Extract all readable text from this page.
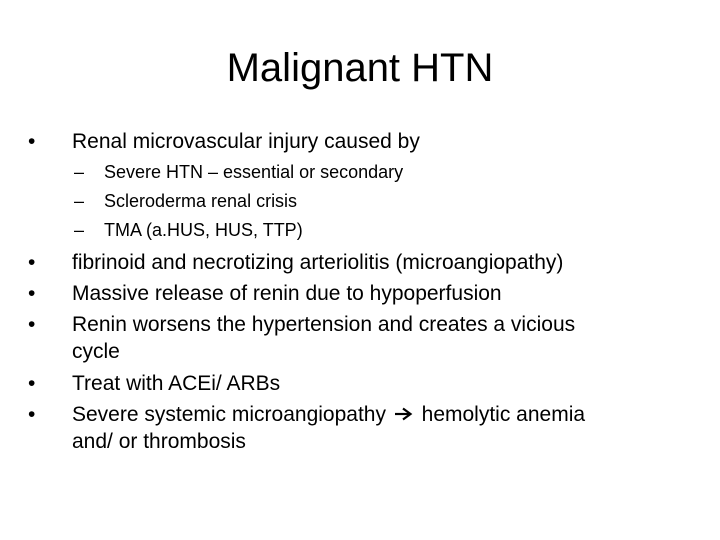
Malignant HTN
•	Renal microvascular injury caused by
– Severe HTN – essential or secondary
– Scleroderma renal crisis
– TMA (a.HUS, HUS, TTP)
•	fibrinoid and necrotizing arteriolitis (microangiopathy)
•	Massive release of renin due to hypoperfusion
•	Renin worsens the hypertension and creates a vicious
cycle
•	Treat with ACEi/ ARBs
•	Severe systemic microangiopathy  hemolytic anemia
and/ or thrombosis
